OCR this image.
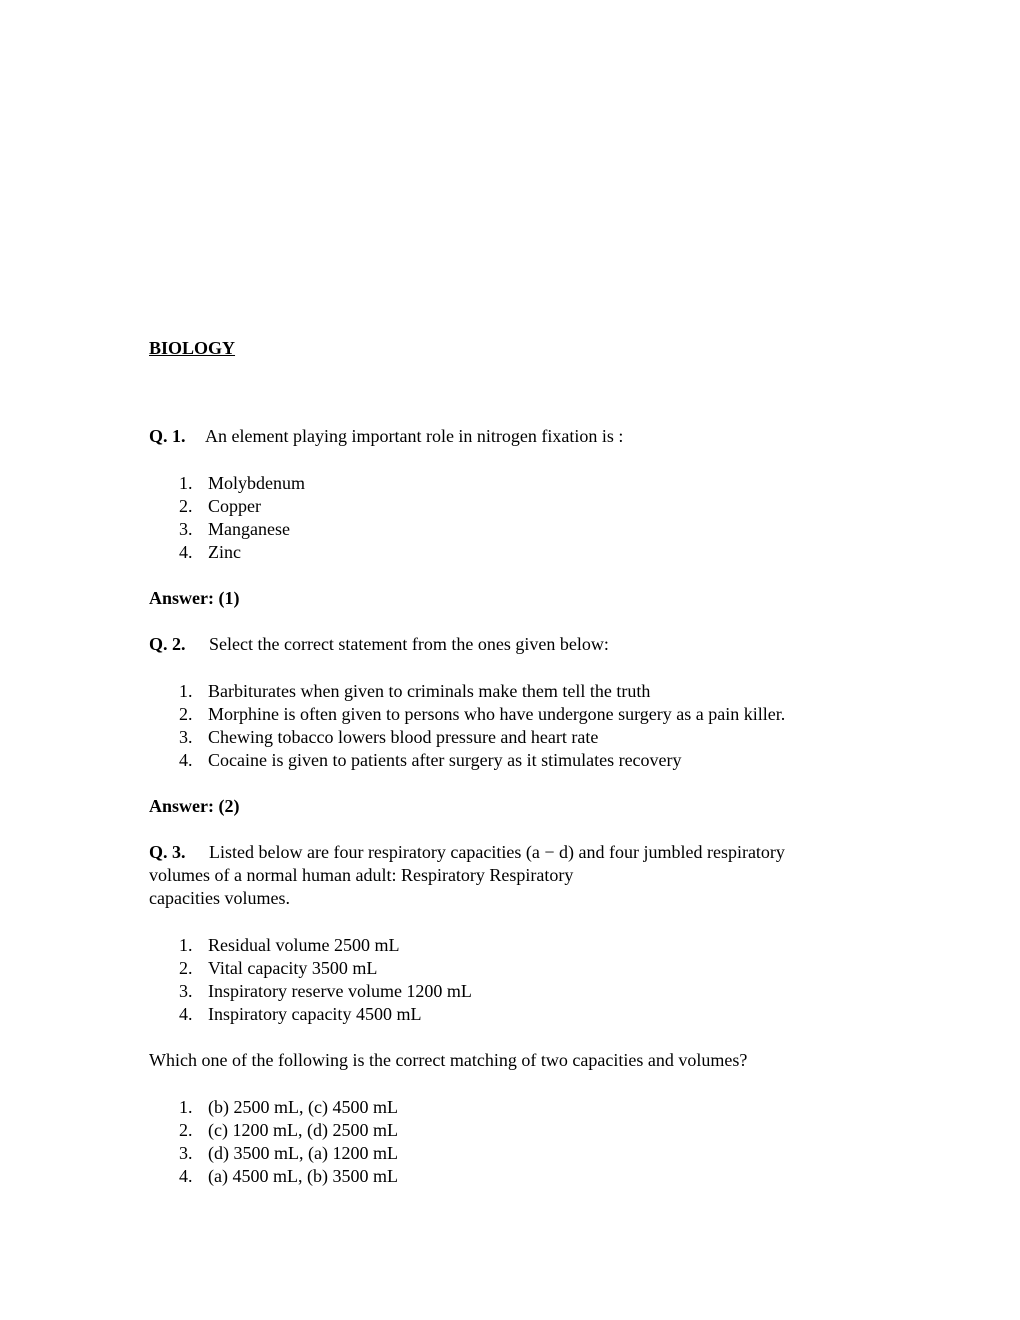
BIOLOGY
Q. 1. An element playing important role in nitrogen fixation is :
1. Molybdenum
2. Copper
3. Manganese
4. Zinc
Answer: (1)
Q. 2. Select the correct statement from the ones given below:
1. Barbiturates when given to criminals make them tell the truth
2. Morphine is often given to persons who have undergone surgery as a pain killer.
3. Chewing tobacco lowers blood pressure and heart rate
4. Cocaine is given to patients after surgery as it stimulates recovery
Answer: (2)
Q. 3. Listed below are four respiratory capacities (a − d) and four jumbled respiratory
volumes of a normal human adult: Respiratory Respiratory
capacities volumes.
1. Residual volume 2500 mL
2. Vital capacity 3500 mL
3. Inspiratory reserve volume 1200 mL
4. Inspiratory capacity 4500 mL
Which one of the following is the correct matching of two capacities and volumes?
1. (b) 2500 mL, (c) 4500 mL
2. (c) 1200 mL, (d) 2500 mL
3. (d) 3500 mL, (a) 1200 mL
4. (a) 4500 mL, (b) 3500 mL
